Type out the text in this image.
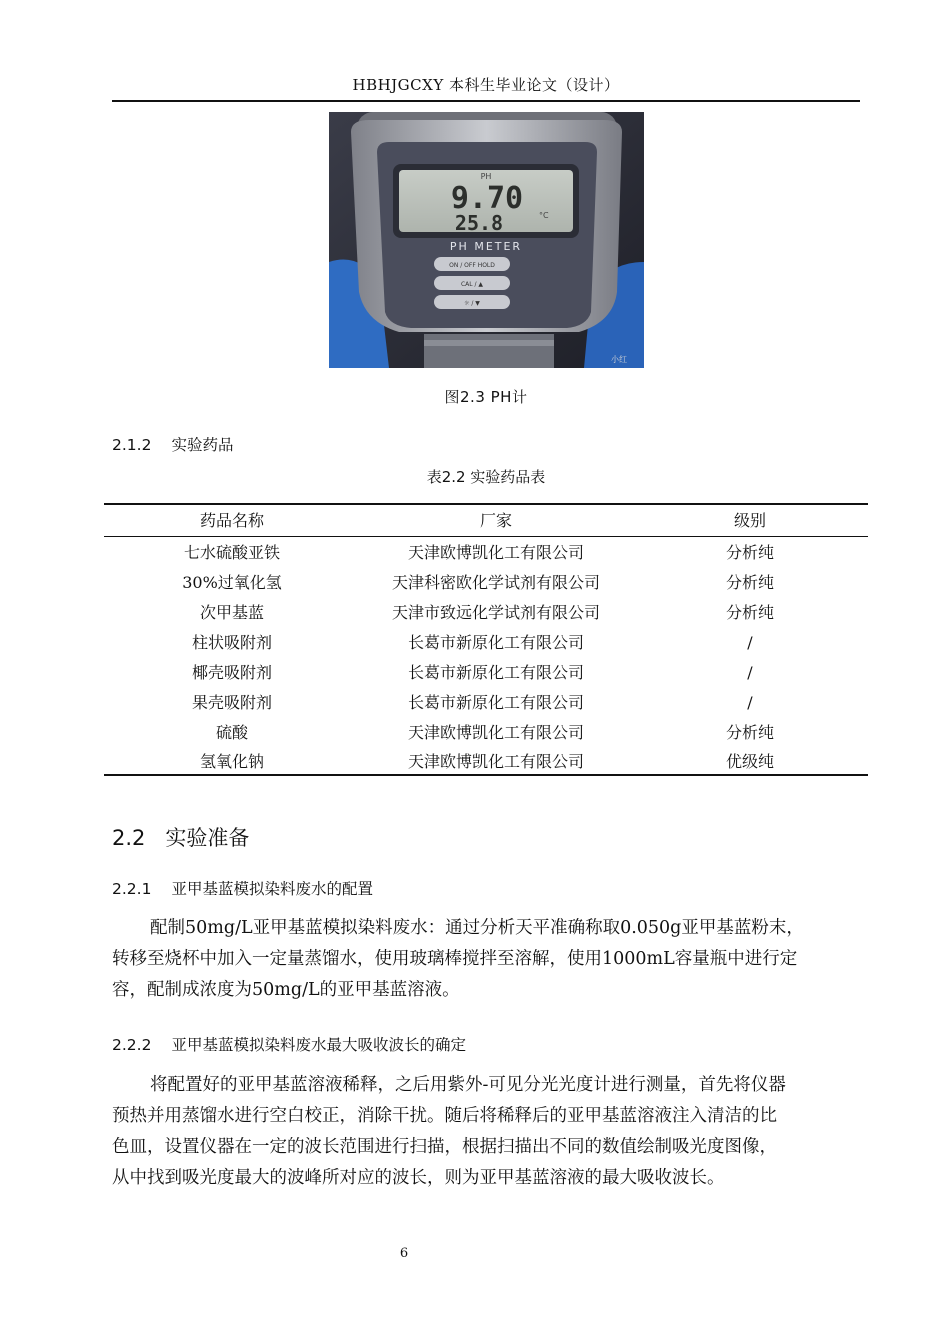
HBHJGCXY 本科生毕业论文（设计）
PH
9.70
25.8	°C
PH METER
ON / OFF HOLD
CAL / ▲
☼ / ▼
小红
图2.3 PH计
2.1.2 实验药品
表2.2 实验药品表
药品名称	厂家	级别
七水硫酸亚铁	天津欧博凯化工有限公司	分析纯
30%过氧化氢	天津科密欧化学试剂有限公司	分析纯
次甲基蓝	天津市致远化学试剂有限公司	分析纯
柱状吸附剂	长葛市新原化工有限公司	/
椰壳吸附剂	长葛市新原化工有限公司	/
果壳吸附剂	长葛市新原化工有限公司	/
硫酸	天津欧博凯化工有限公司	分析纯
氢氧化钠	天津欧博凯化工有限公司	优级纯
2.2 实验准备
2.2.1 亚甲基蓝模拟染料废水的配置
配制50mg/L亚甲基蓝模拟染料废水：通过分析天平准确称取0.050g亚甲基蓝粉末，
转移至烧杯中加入一定量蒸馏水，使用玻璃棒搅拌至溶解，使用1000mL容量瓶中进行定
容，配制成浓度为50mg/L的亚甲基蓝溶液。
2.2.2 亚甲基蓝模拟染料废水最大吸收波长的确定
将配置好的亚甲基蓝溶液稀释，之后用紫外-可见分光光度计进行测量，首先将仪器
预热并用蒸馏水进行空白校正，消除干扰。随后将稀释后的亚甲基蓝溶液注入清洁的比
色皿，设置仪器在一定的波长范围进行扫描，根据扫描出不同的数值绘制吸光度图像，
从中找到吸光度最大的波峰所对应的波长，则为亚甲基蓝溶液的最大吸收波长。
6
